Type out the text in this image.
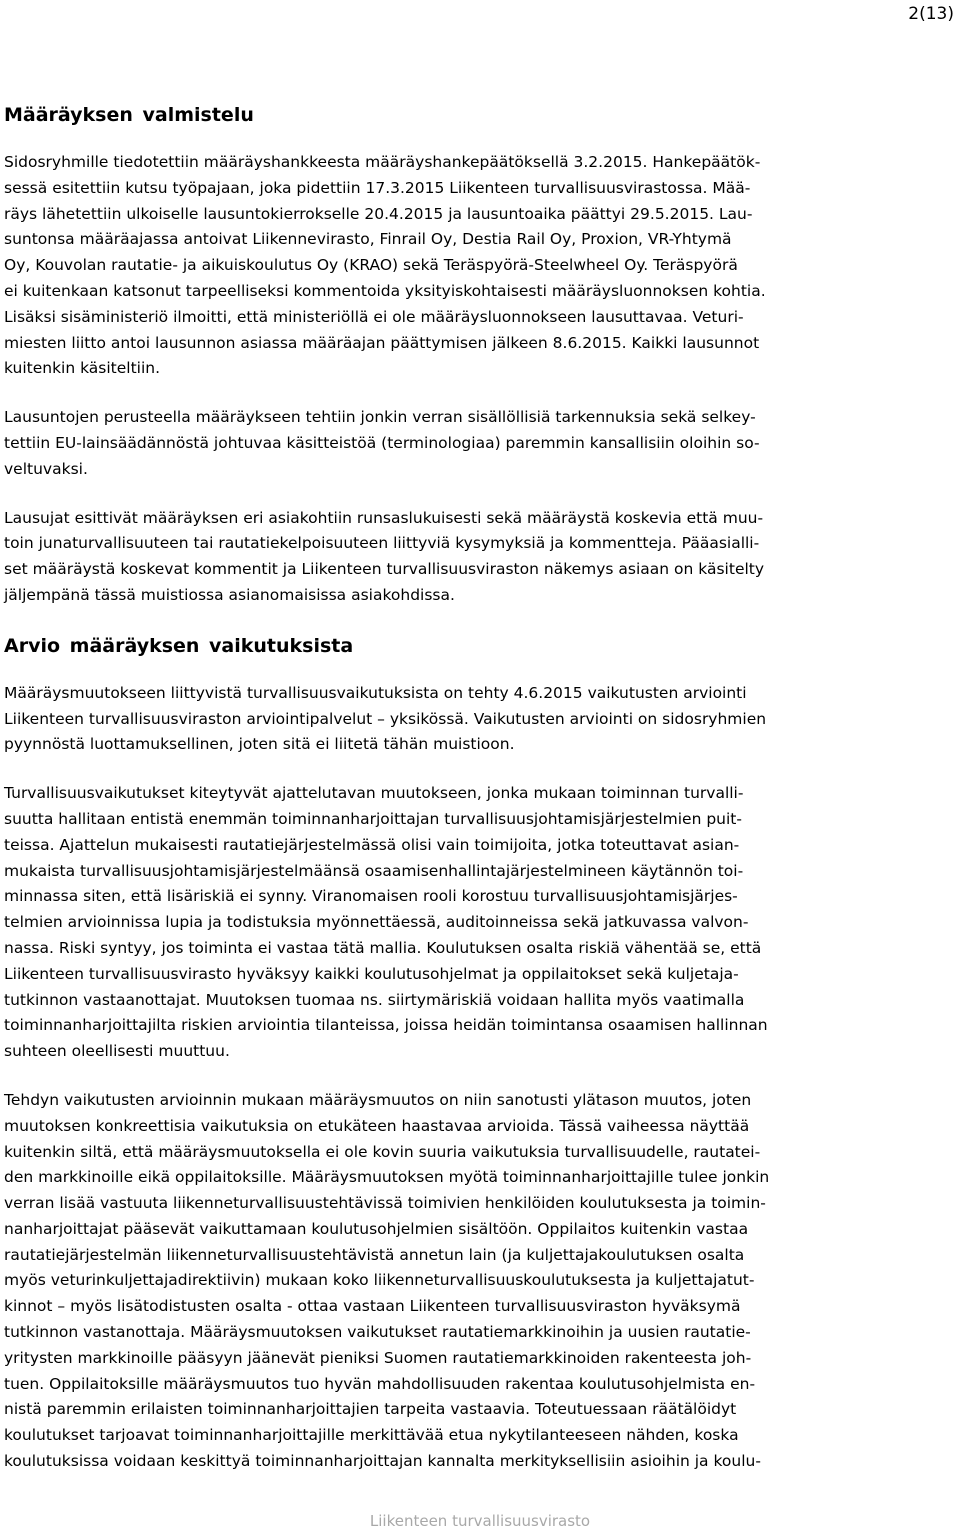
2(13)
Määräyksen valmistelu

Sidosryhmille tiedotettiin määräyshankkeesta määräyshankepäätöksellä 3.2.2015. Hankepäätök-
sessä esitettiin kutsu työpajaan, joka pidettiin 17.3.2015 Liikenteen turvallisuusvirastossa. Mää-
räys lähetettiin ulkoiselle lausuntokierrokselle 20.4.2015 ja lausuntoaika päättyi 29.5.2015. Lau-
suntonsa määräajassa antoivat Liikennevirasto, Finrail Oy, Destia Rail Oy, Proxion, VR-Yhtymä
Oy, Kouvolan rautatie- ja aikuiskoulutus Oy (KRAO) sekä Teräspyörä-Steelwheel Oy. Teräspyörä
ei kuitenkaan katsonut tarpeelliseksi kommentoida yksityiskohtaisesti määräysluonnoksen kohtia.
Lisäksi sisäministeriö ilmoitti, että ministeriöllä ei ole määräysluonnokseen lausuttavaa. Veturi-
miesten liitto antoi lausunnon asiassa määräajan päättymisen jälkeen 8.6.2015. Kaikki lausunnot
kuitenkin käsiteltiin.

Lausuntojen perusteella määräykseen tehtiin jonkin verran sisällöllisiä tarkennuksia sekä selkey-
tettiin EU-lainsäädännöstä johtuvaa käsitteistöä (terminologiaa) paremmin kansallisiin oloihin so-
veltuvaksi.

Lausujat esittivät määräyksen eri asiakohtiin runsaslukuisesti sekä määräystä koskevia että muu-
toin junaturvallisuuteen tai rautatiekelpoisuuteen liittyviä kysymyksiä ja kommentteja. Pääasialli-
set määräystä koskevat kommentit ja Liikenteen turvallisuusviraston näkemys asiaan on käsitelty
jäljempänä tässä muistiossa asianomaisissa asiakohdissa.

Arvio määräyksen vaikutuksista

Määräysmuutokseen liittyvistä turvallisuusvaikutuksista on tehty 4.6.2015 vaikutusten arviointi
Liikenteen turvallisuusviraston arviointipalvelut – yksikössä. Vaikutusten arviointi on sidosryhmien
pyynnöstä luottamuksellinen, joten sitä ei liitetä tähän muistioon.

Turvallisuusvaikutukset kiteytyvät ajattelutavan muutokseen, jonka mukaan toiminnan turvalli-
suutta hallitaan entistä enemmän toiminnanharjoittajan turvallisuusjohtamisjärjestelmien puit-
teissa. Ajattelun mukaisesti rautatiejärjestelmässä olisi vain toimijoita, jotka toteuttavat asian-
mukaista turvallisuusjohtamisjärjestelmäänsä osaamisenhallintajärjestelmineen käytännön toi-
minnassa siten, että lisäriskiä ei synny. Viranomaisen rooli korostuu turvallisuusjohtamisjärjes-
telmien arvioinnissa lupia ja todistuksia myönnettäessä, auditoinneissa sekä jatkuvassa valvon-
nassa. Riski syntyy, jos toiminta ei vastaa tätä mallia. Koulutuksen osalta riskiä vähentää se, että
Liikenteen turvallisuusvirasto hyväksyy kaikki koulutusohjelmat ja oppilaitokset sekä kuljetaja-
tutkinnon vastaanottajat. Muutoksen tuomaa ns. siirtymäriskiä voidaan hallita myös vaatimalla
toiminnanharjoittajilta riskien arviointia tilanteissa, joissa heidän toimintansa osaamisen hallinnan
suhteen oleellisesti muuttuu.

Tehdyn vaikutusten arvioinnin mukaan määräysmuutos on niin sanotusti ylätason muutos, joten
muutoksen konkreettisia vaikutuksia on etukäteen haastavaa arvioida. Tässä vaiheessa näyttää
kuitenkin siltä, että määräysmuutoksella ei ole kovin suuria vaikutuksia turvallisuudelle, rautatei-
den markkinoille eikä oppilaitoksille. Määräysmuutoksen myötä toiminnanharjoittajille tulee jonkin
verran lisää vastuuta liikenneturvallisuustehtävissä toimivien henkilöiden koulutuksesta ja toimin-
nanharjoittajat pääsevät vaikuttamaan koulutusohjelmien sisältöön. Oppilaitos kuitenkin vastaa
rautatiejärjestelmän liikenneturvallisuustehtävistä annetun lain (ja kuljettajakoulutuksen osalta
myös veturinkuljettajadirektiivin) mukaan koko liikenneturvallisuuskoulutuksesta ja kuljettajatut-
kinnot – myös lisätodistusten osalta - ottaa vastaan Liikenteen turvallisuusviraston hyväksymä
tutkinnon vastanottaja. Määräysmuutoksen vaikutukset rautatiemarkkinoihin ja uusien rautatie-
yritysten markkinoille pääsyyn jäänevät pieniksi Suomen rautatiemarkkinoiden rakenteesta joh-
tuen. Oppilaitoksille määräysmuutos tuo hyvän mahdollisuuden rakentaa koulutusohjelmista en-
nistä paremmin erilaisten toiminnanharjoittajien tarpeita vastaavia. Toteutuessaan räätälöidyt
koulutukset tarjoavat toiminnanharjoittajille merkittävää etua nykytilanteeseen nähden, koska
koulutuksissa voidaan keskittyä toiminnanharjoittajan kannalta merkityksellisiin asioihin ja koulu-

Liikenteen turvallisuusvirasto
